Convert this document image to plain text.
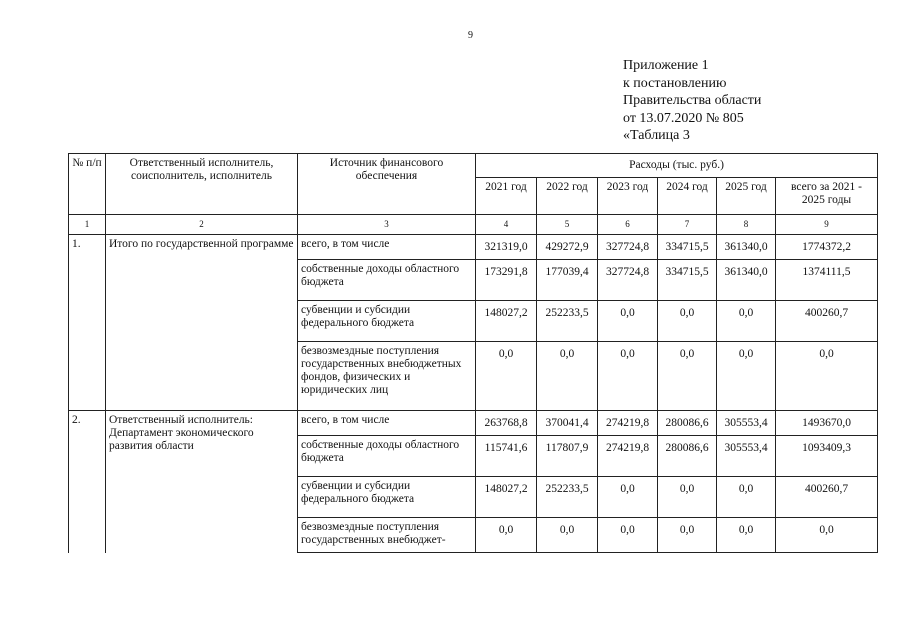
9
Приложение 1
к постановлению
Правительства области
от 13.07.2020 № 805
«Таблица 3
№ п/п	Ответственный исполнитель, соисполнитель, исполнитель	Источник финансового обеспечения	Расходы (тыс. руб.)					
			2021 год	2022 год	2023 год	2024 год	2025 год	всего за 2021 - 2025 годы
1	2	3	4	5	6	7	8	9
1.	Итого по государственной программе	всего, в том числе	321319,0	429272,9	327724,8	334715,5	361340,0	1774372,2
		собственные доходы областного бюджета	173291,8	177039,4	327724,8	334715,5	361340,0	1374111,5
		субвенции и субсидии федерального бюджета	148027,2	252233,5	0,0	0,0	0,0	400260,7
		безвозмездные поступления государственных внебюджетных фондов, физических и юридических лиц	0,0	0,0	0,0	0,0	0,0	0,0
2.	Ответственный исполнитель: Департамент экономического развития области	всего, в том числе	263768,8	370041,4	274219,8	280086,6	305553,4	1493670,0
		собственные доходы областного бюджета	115741,6	117807,9	274219,8	280086,6	305553,4	1093409,3
		субвенции и субсидии федерального бюджета	148027,2	252233,5	0,0	0,0	0,0	400260,7
		безвозмездные поступления государственных внебюджет-	0,0	0,0	0,0	0,0	0,0	0,0
